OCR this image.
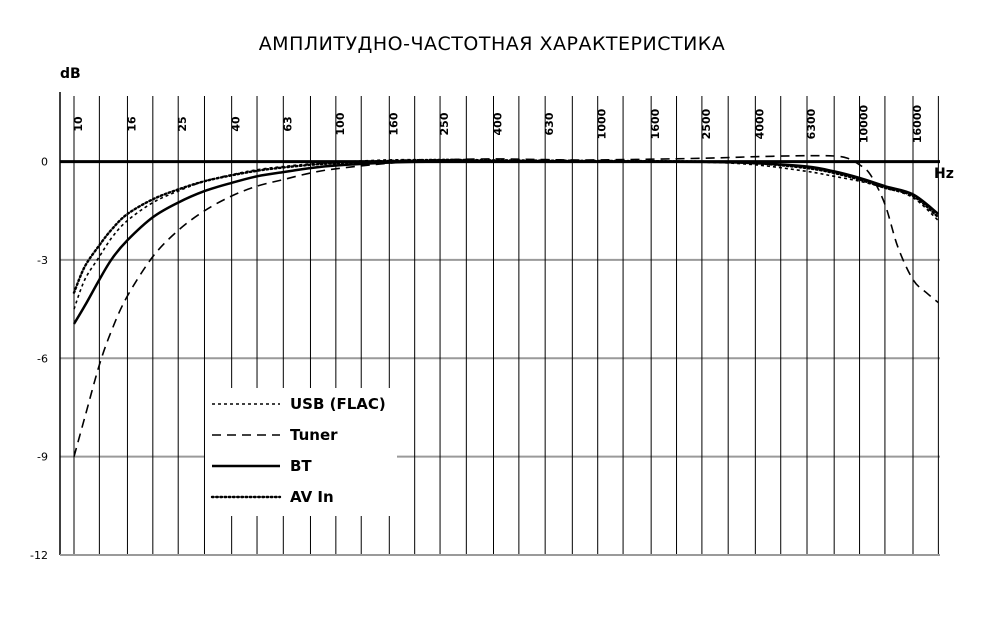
АМПЛИТУДНО-ЧАСТОТНАЯ ХАРАКТЕРИСТИКА
dB
Hz
10	16	25	40	63	100	160	250	400	630	1000	1600	2500	4000	6300	10000	16000
0
-3
-6
-9
-12
USB (FLAC)
Tuner
BT
AV In
